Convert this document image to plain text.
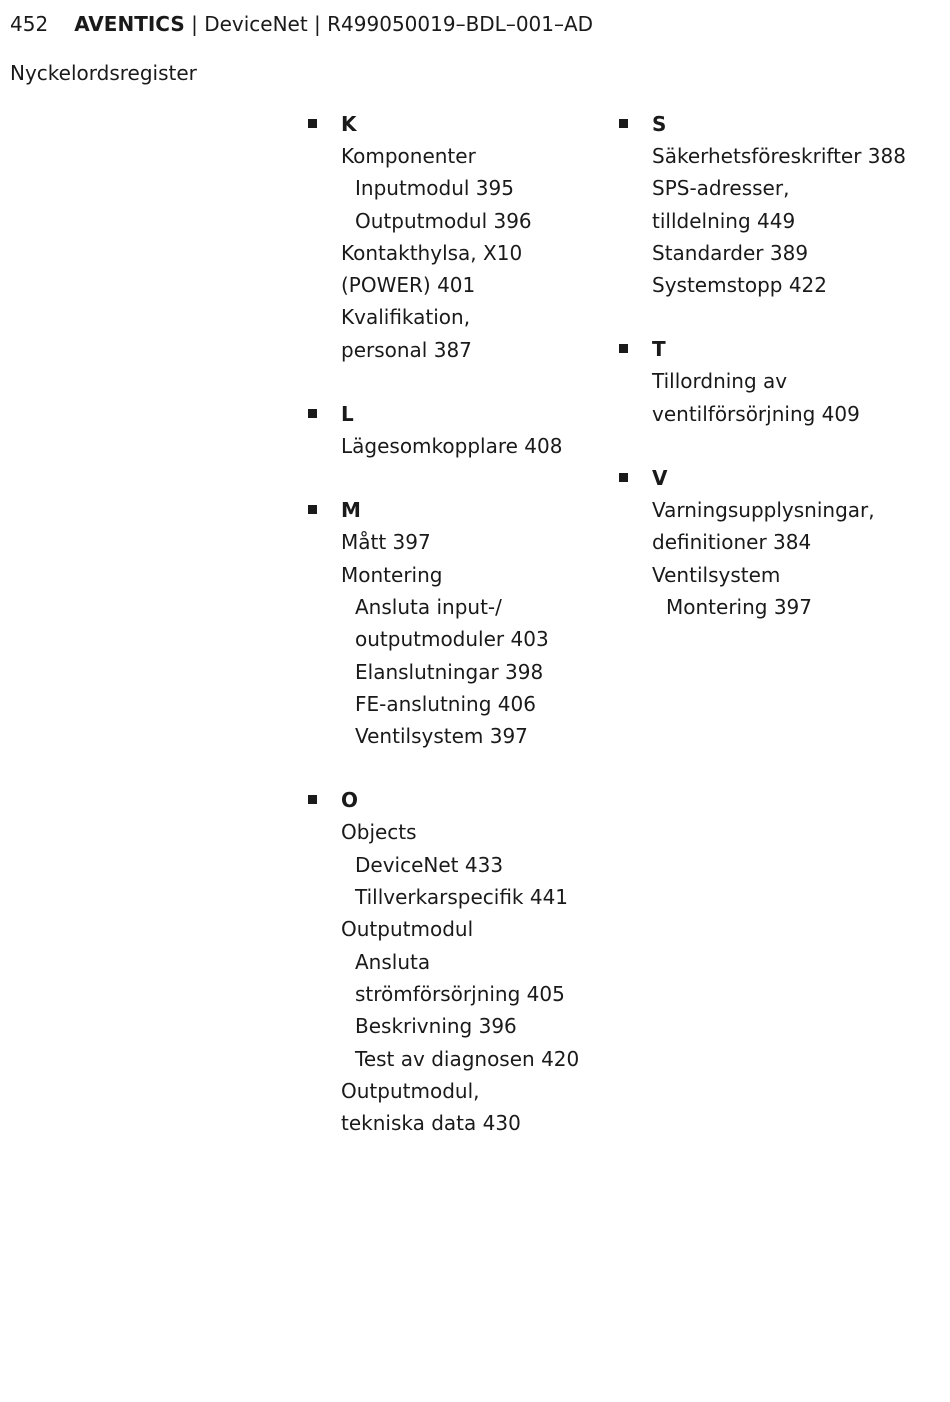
452 AVENTICS | DeviceNet | R499050019–BDL–001–AD
Nyckelordsregister
K
Komponenter
Inputmodul 395
Outputmodul 396
Kontakthylsa, X10
(POWER) 401
Kvalifikation,
personal 387
L
Lägesomkopplare 408
M
Mått 397
Montering
Ansluta input-/
outputmoduler 403
Elanslutningar 398
FE-anslutning 406
Ventilsystem 397
O
Objects
DeviceNet 433
Tillverkarspecifik 441
Outputmodul
Ansluta
strömförsörjning 405
Beskrivning 396
Test av diagnosen 420
Outputmodul,
tekniska data 430
S
Säkerhetsföreskrifter 388
SPS-adresser,
tilldelning 449
Standarder 389
Systemstopp 422
T
Tillordning av
ventilförsörjning 409
V
Varningsupplysningar,
definitioner 384
Ventilsystem
Montering 397
